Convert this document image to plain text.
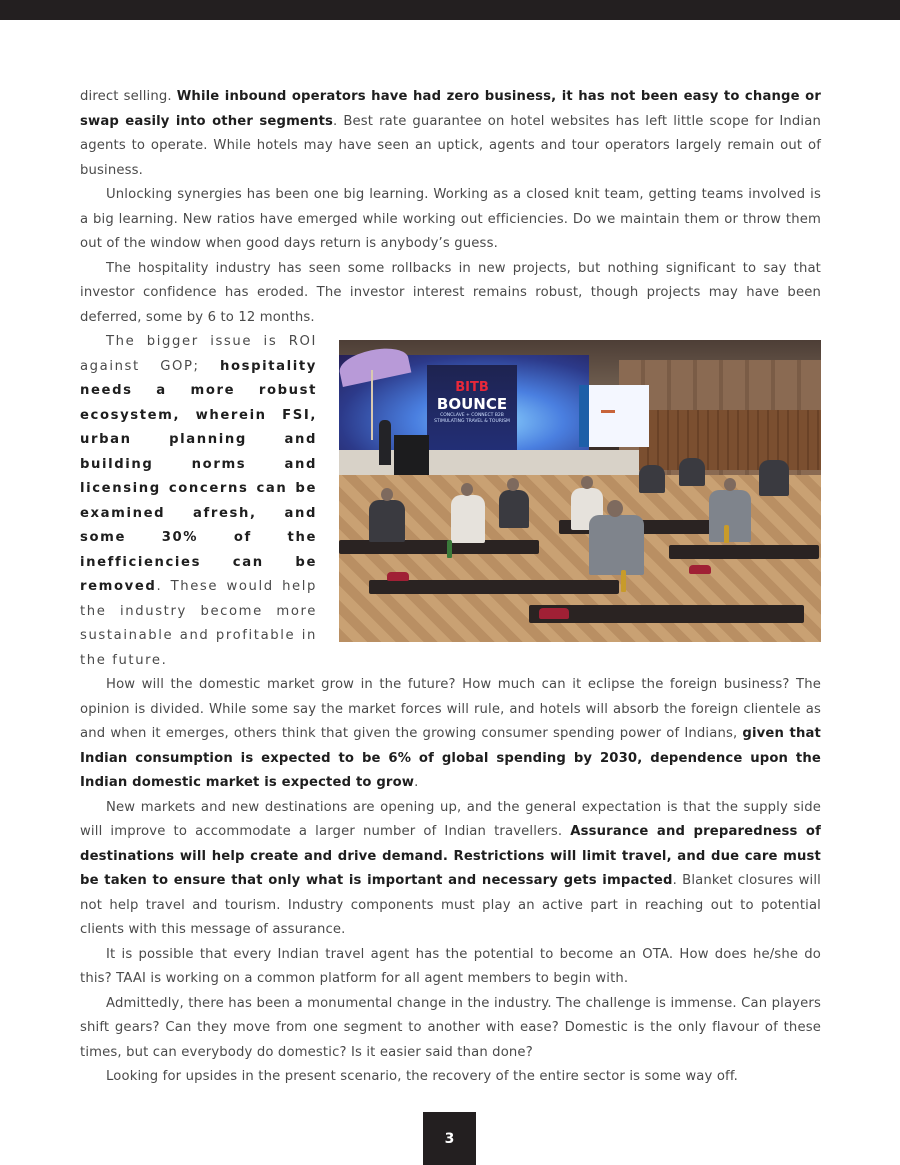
direct selling. While inbound operators have had zero business, it has not been easy to change or swap easily into other segments. Best rate guarantee on hotel websites has left little scope for Indian agents to operate. While hotels may have seen an uptick, agents and tour operators largely remain out of business.

Unlocking synergies has been one big learning. Working as a closed knit team, getting teams involved is a big learning. New ratios have emerged while working out efficiencies. Do we maintain them or throw them out of the window when good days return is anybody’s guess.

The hospitality industry has seen some rollbacks in new projects, but nothing significant to say that investor confidence has eroded. The investor interest remains robust, though projects may have been deferred, some by 6 to 12 months.

BITB
BOUNCE
CONCLAVE + CONNECT B2B STIMULATING TRAVEL & TOURISM

The bigger issue is ROI against GOP; hospitality needs a more robust ecosystem, wherein FSI, urban planning and building norms and licensing concerns can be examined afresh, and some 30% of the inefficiencies can be removed. These would help the industry become more sustainable and profitable in the future.

How will the domestic market grow in the future? How much can it eclipse the foreign business? The opinion is divided. While some say the market forces will rule, and hotels will absorb the foreign clientele as and when it emerges, others think that given the growing consumer spending power of Indians, given that Indian consumption is expected to be 6% of global spending by 2030, dependence upon the Indian domestic market is expected to grow.

New markets and new destinations are opening up, and the general expectation is that the supply side will improve to accommodate a larger number of Indian travellers. Assurance and preparedness of destinations will help create and drive demand. Restrictions will limit travel, and due care must be taken to ensure that only what is important and necessary gets impacted. Blanket closures will not help travel and tourism. Industry components must play an active part in reaching out to potential clients with this message of assurance.

It is possible that every Indian travel agent has the potential to become an OTA. How does he/she do this? TAAI is working on a common platform for all agent members to begin with.

Admittedly, there has been a monumental change in the industry. The challenge is immense. Can players shift gears? Can they move from one segment to another with ease? Domestic is the only flavour of these times, but can everybody do domestic? Is it easier said than done?

Looking for upsides in the present scenario, the recovery of the entire sector is some way off.

3
